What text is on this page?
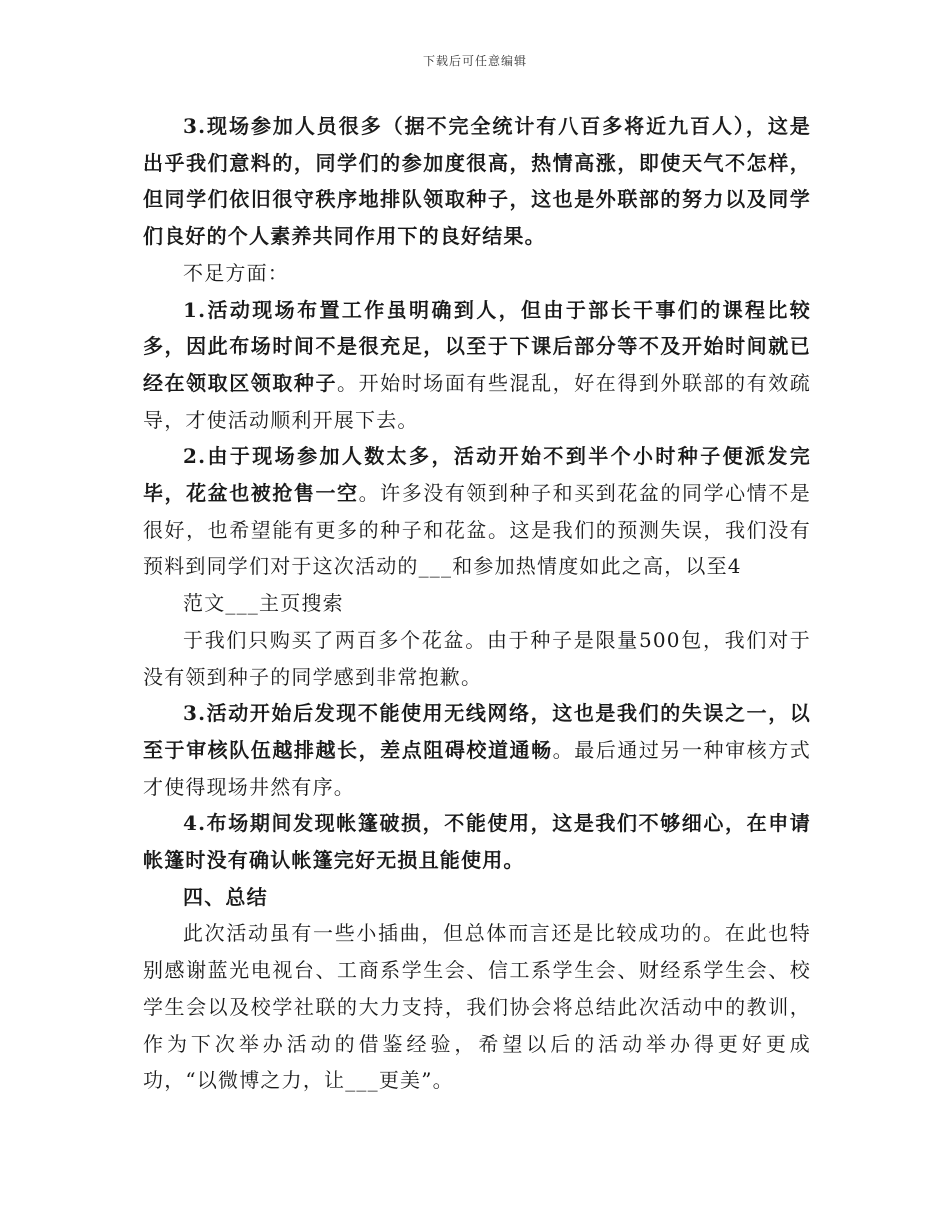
下载后可任意编辑

3.现场参加人员很多（据不完全统计有八百多将近九百人），这是出乎我们意料的，同学们的参加度很高，热情高涨，即使天气不怎样，但同学们依旧很守秩序地排队领取种子，这也是外联部的努力以及同学们良好的个人素养共同作用下的良好结果。

不足方面：

1.活动现场布置工作虽明确到人，但由于部长干事们的课程比较多，因此布场时间不是很充足，以至于下课后部分等不及开始时间就已经在领取区领取种子。开始时场面有些混乱，好在得到外联部的有效疏导，才使活动顺利开展下去。

2.由于现场参加人数太多，活动开始不到半个小时种子便派发完毕，花盆也被抢售一空。许多没有领到种子和买到花盆的同学心情不是很好，也希望能有更多的种子和花盆。这是我们的预测失误，我们没有预料到同学们对于这次活动的___和参加热情度如此之高，以至4

范文___主页搜索

于我们只购买了两百多个花盆。由于种子是限量500包，我们对于没有领到种子的同学感到非常抱歉。

3.活动开始后发现不能使用无线网络，这也是我们的失误之一，以至于审核队伍越排越长，差点阻碍校道通畅。最后通过另一种审核方式才使得现场井然有序。

4.布场期间发现帐篷破损，不能使用，这是我们不够细心，在申请帐篷时没有确认帐篷完好无损且能使用。

四、总结

此次活动虽有一些小插曲，但总体而言还是比较成功的。在此也特别感谢蓝光电视台、工商系学生会、信工系学生会、财经系学生会、校学生会以及校学社联的大力支持，我们协会将总结此次活动中的教训，作为下次举办活动的借鉴经验，希望以后的活动举办得更好更成功，“以微博之力，让___更美”。
